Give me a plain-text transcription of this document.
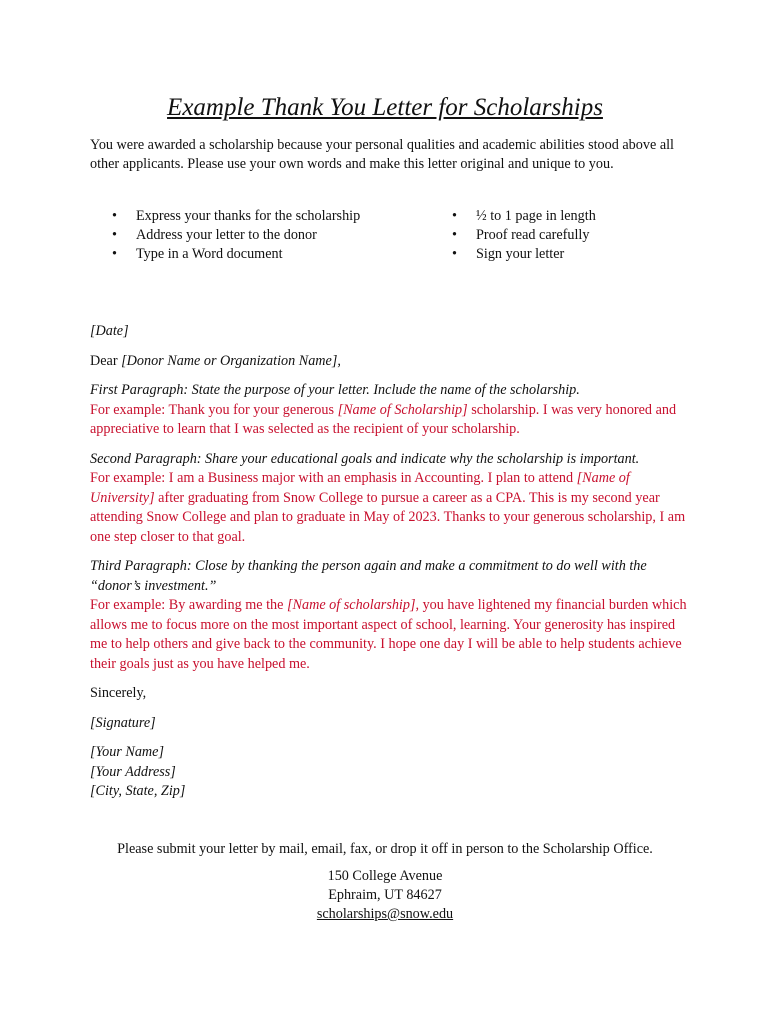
Example Thank You Letter for Scholarships

You were awarded a scholarship because your personal qualities and academic abilities stood above all other applicants. Please use your own words and make this letter original and unique to you.

• Express your thanks for the scholarship
• Address your letter to the donor
• Type in a Word document
• ½ to 1 page in length
• Proof read carefully
• Sign your letter

[Date]

Dear [Donor Name or Organization Name],

First Paragraph: State the purpose of your letter. Include the name of the scholarship.
For example: Thank you for your generous [Name of Scholarship] scholarship. I was very honored and appreciative to learn that I was selected as the recipient of your scholarship.

Second Paragraph: Share your educational goals and indicate why the scholarship is important.
For example: I am a Business major with an emphasis in Accounting. I plan to attend [Name of University] after graduating from Snow College to pursue a career as a CPA. This is my second year attending Snow College and plan to graduate in May of 2023. Thanks to your generous scholarship, I am one step closer to that goal.

Third Paragraph: Close by thanking the person again and make a commitment to do well with the “donor’s investment.”
For example: By awarding me the [Name of scholarship], you have lightened my financial burden which allows me to focus more on the most important aspect of school, learning. Your generosity has inspired me to help others and give back to the community. I hope one day I will be able to help students achieve their goals just as you have helped me.

Sincerely,

[Signature]

[Your Name]
[Your Address]
[City, State, Zip]

Please submit your letter by mail, email, fax, or drop it off in person to the Scholarship Office.

150 College Avenue
Ephraim, UT 84627
scholarships@snow.edu
